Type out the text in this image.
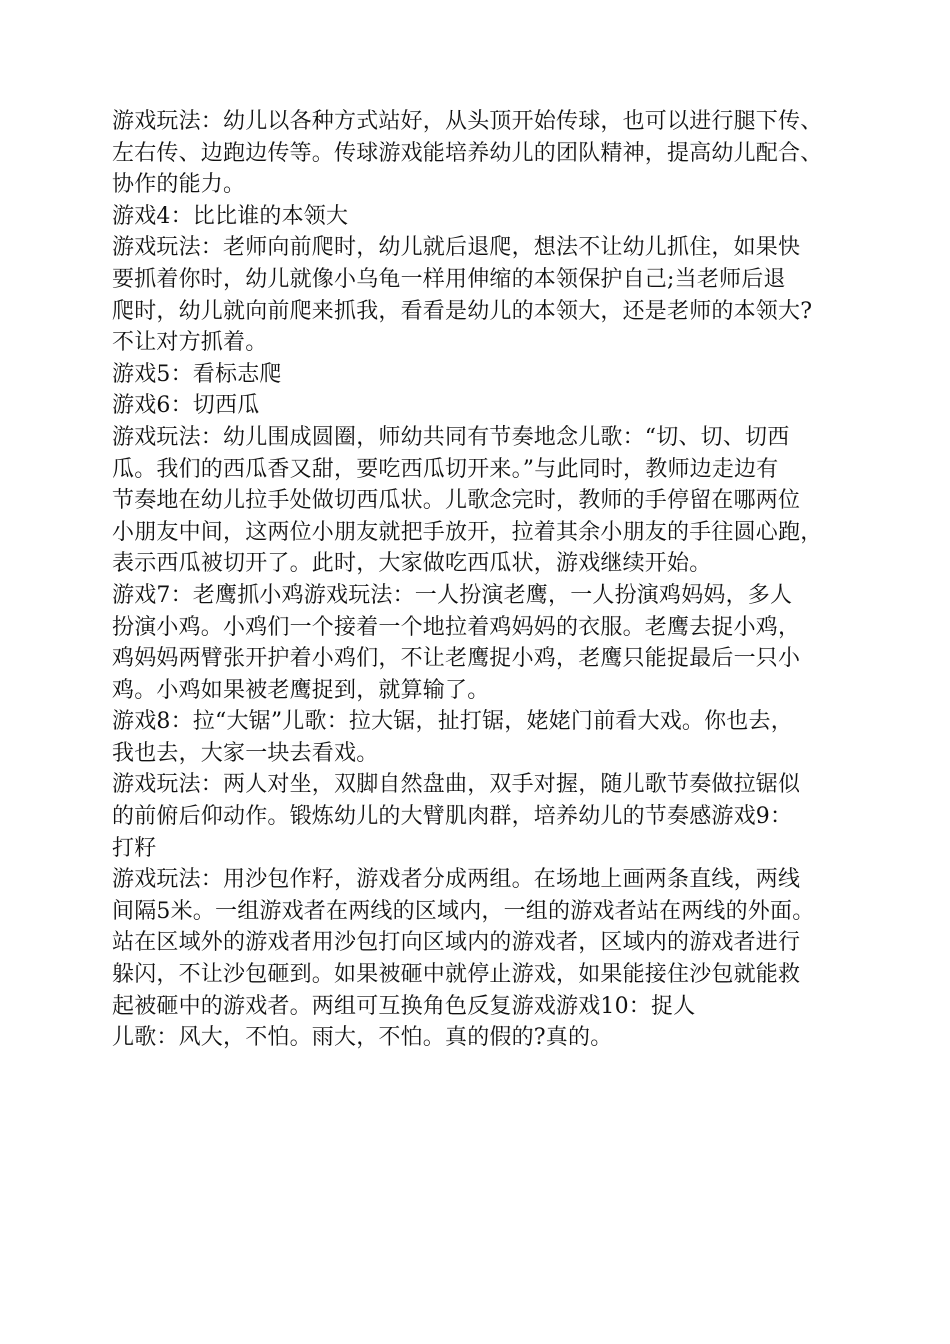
游戏玩法：幼儿以各种方式站好，从头顶开始传球，也可以进行腿下传、
左右传、边跑边传等。传球游戏能培养幼儿的团队精神，提高幼儿配合、
协作的能力。
游戏4：比比谁的本领大
游戏玩法：老师向前爬时，幼儿就后退爬，想法不让幼儿抓住，如果快
要抓着你时，幼儿就像小乌龟一样用伸缩的本领保护自己;当老师后退
爬时，幼儿就向前爬来抓我，看看是幼儿的本领大，还是老师的本领大?
不让对方抓着。
游戏5：看标志爬
游戏6：切西瓜
游戏玩法：幼儿围成圆圈，师幼共同有节奏地念儿歌：“切、切、切西
瓜。我们的西瓜香又甜，要吃西瓜切开来。”与此同时，教师边走边有
节奏地在幼儿拉手处做切西瓜状。儿歌念完时，教师的手停留在哪两位
小朋友中间，这两位小朋友就把手放开，拉着其余小朋友的手往圆心跑，
表示西瓜被切开了。此时，大家做吃西瓜状，游戏继续开始。
游戏7：老鹰抓小鸡游戏玩法：一人扮演老鹰，一人扮演鸡妈妈，多人
扮演小鸡。小鸡们一个接着一个地拉着鸡妈妈的衣服。老鹰去捉小鸡，
鸡妈妈两臂张开护着小鸡们，不让老鹰捉小鸡，老鹰只能捉最后一只小
鸡。小鸡如果被老鹰捉到，就算输了。
游戏8：拉“大锯”儿歌：拉大锯，扯打锯，姥姥门前看大戏。你也去，
我也去，大家一块去看戏。
游戏玩法：两人对坐，双脚自然盘曲，双手对握，随儿歌节奏做拉锯似
的前俯后仰动作。锻炼幼儿的大臂肌肉群，培养幼儿的节奏感游戏9：
打籽
游戏玩法：用沙包作籽，游戏者分成两组。在场地上画两条直线，两线
间隔5米。一组游戏者在两线的区域内，一组的游戏者站在两线的外面。
站在区域外的游戏者用沙包打向区域内的游戏者，区域内的游戏者进行
躲闪，不让沙包砸到。如果被砸中就停止游戏，如果能接住沙包就能救
起被砸中的游戏者。两组可互换角色反复游戏游戏10：捉人
儿歌：风大，不怕。雨大，不怕。真的假的?真的。
